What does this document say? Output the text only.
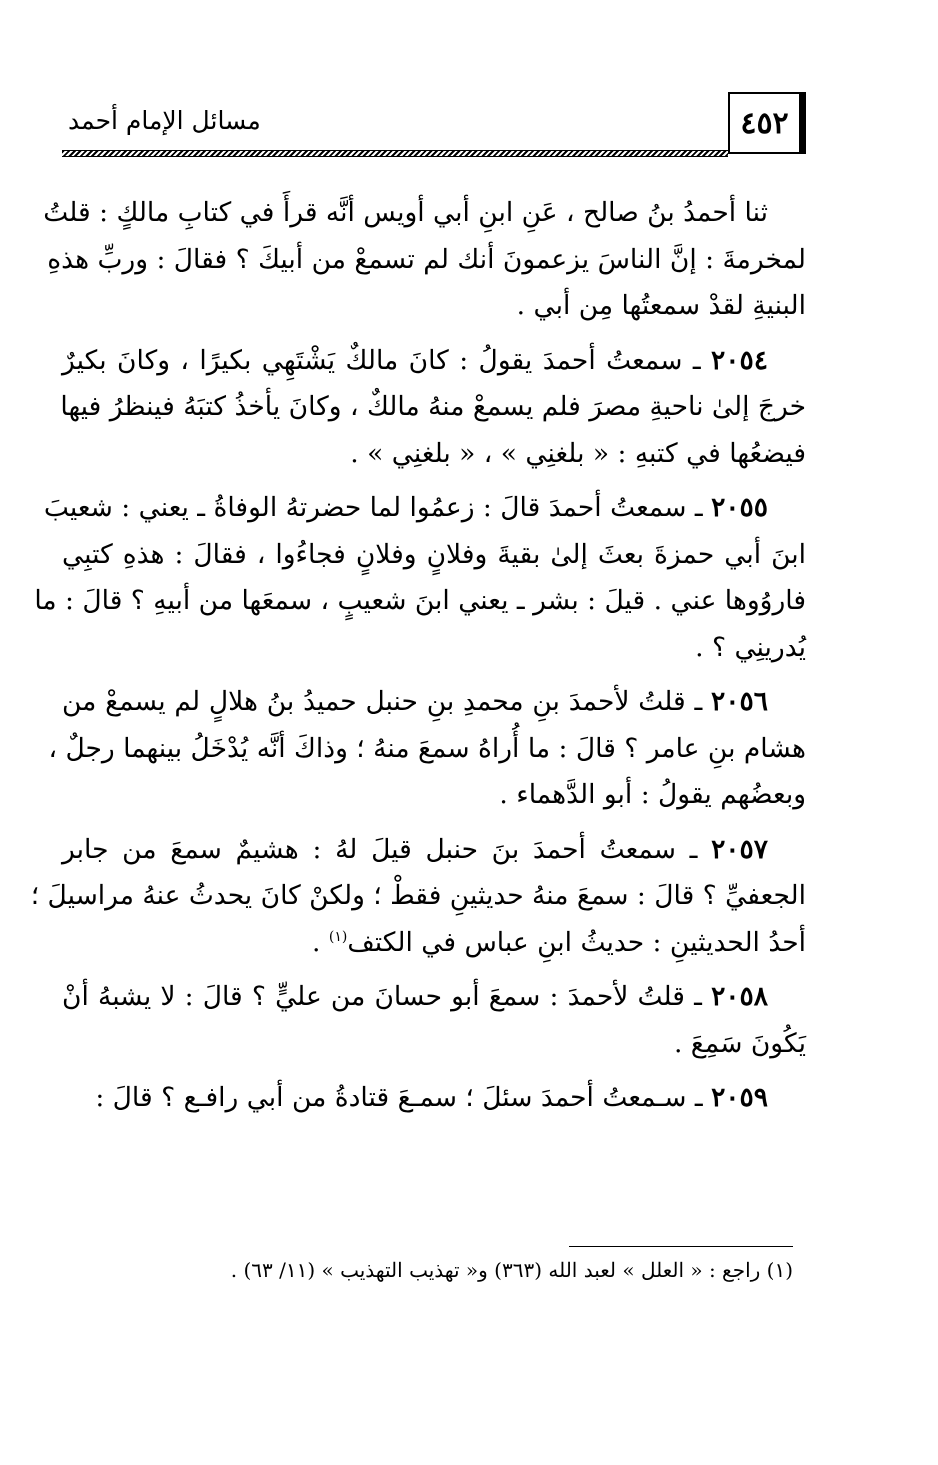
٤٥٢
مسائل الإمام أحمد

ثنا أحمدُ بنُ صالح ، عَنِ ابنِ أبي أويس أنَّه قرأَ في كتابِ مالكٍ : قلتُ
لمخرمةَ : إنَّ الناسَ يزعمونَ أنك لم تسمعْ من أبيكَ ؟ فقالَ : وربِّ هذهِ
البنيةِ لقدْ سمعتُها مِن أبي .

٢٠٥٤ ـ سمعتُ أحمدَ يقولُ : كانَ مالكٌ يَشْتَهِي بكيرًا ، وكانَ بكيرٌ
خرجَ إلىٰ ناحيةِ مصرَ فلم يسمعْ منهُ مالكٌ ، وكانَ يأخذُ كتبَهُ فينظرُ فيها
فيضعُها في كتبهِ : « بلغنِي » ، « بلغنِي » .

٢٠٥٥ ـ سمعتُ أحمدَ قالَ : زعمُوا لما حضرتهُ الوفاةُ ـ يعني : شعيبَ
ابنَ أبي حمزةَ بعثَ إلىٰ بقيةَ وفلانٍ وفلانٍ فجاءُوا ، فقالَ : هذهِ كتبِي
فاروُوها عني . قيلَ : بشر ـ يعني ابنَ شعيبٍ ، سمعَها من أبيهِ ؟ قالَ : ما
يُدرينِي ؟ .

٢٠٥٦ ـ قلتُ لأحمدَ بنِ محمدِ بنِ حنبل حميدُ بنُ هلالٍ لم يسمعْ من
هشام بنِ عامر ؟ قالَ : ما أُراهُ سمعَ منهُ ؛ وذاكَ أنَّه يُدْخَلُ بينهما رجلٌ ،
وبعضُهم يقولُ : أبو الدَّهماء .

٢٠٥٧ ـ سمعتُ أحمدَ بنَ حنبل قيلَ لهُ : هشيمٌ سمعَ من جابر
الجعفيِّ ؟ قالَ : سمعَ منهُ حديثينِ فقطْ ؛ ولكنْ كانَ يحدثُ عنهُ مراسيلَ ؛
أحدُ الحديثينِ : حديثُ ابنِ عباس في الكتف$^{(١)}$ .

٢٠٥٨ ـ قلتُ لأحمدَ : سمعَ أبو حسانَ من عليٍّ ؟ قالَ : لا يشبهُ أنْ
يَكُونَ سَمِعَ .

٢٠٥٩ ـ سـمعتُ أحمدَ سئلَ ؛ سمـعَ قتادةُ من أبي رافـع ؟ قالَ :

(١) راجع : « العلل » لعبد الله (٣٦٣) و« تهذيب التهذيب » (١١/ ٦٣) .
